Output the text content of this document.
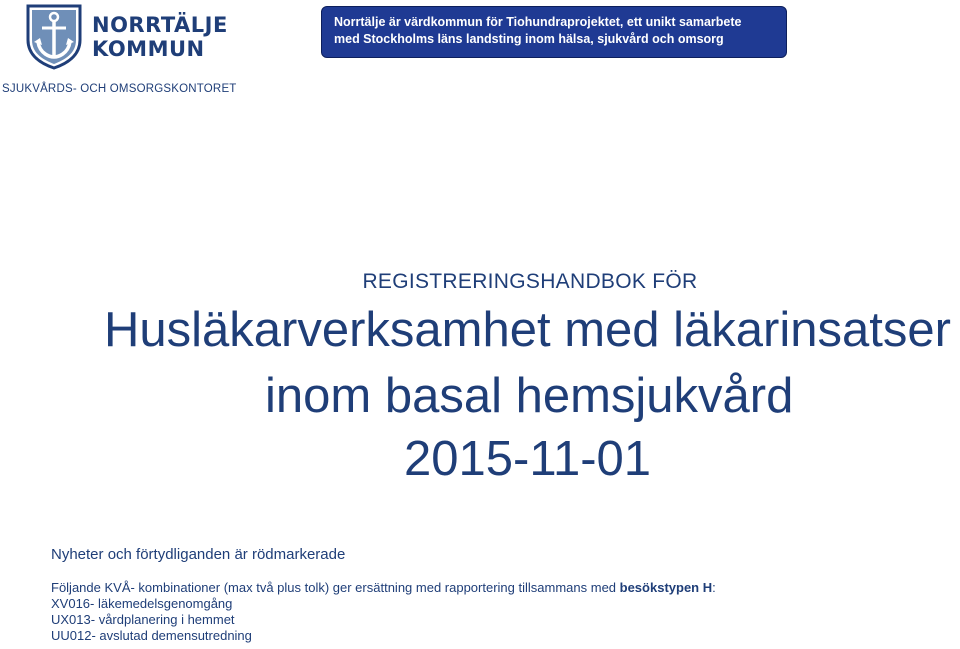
NORRTÄLJE
KOMMUN
Norrtälje är värdkommun för Tiohundraprojektet, ett unikt samarbete
med Stockholms läns landsting inom hälsa, sjukvård och omsorg
SJUKVÅRDS- OCH OMSORGSKONTORET
REGISTRERINGSHANDBOK FÖR
Husläkarverksamhet med läkarinsatser
inom basal hemsjukvård
2015-11-01
Nyheter och förtydliganden är rödmarkerade
Följande KVÅ- kombinationer (max två plus tolk) ger ersättning med rapportering tillsammans med besökstypen H:
XV016- läkemedelsgenomgång
UX013- vårdplanering i hemmet
UU012- avslutad demensutredning
